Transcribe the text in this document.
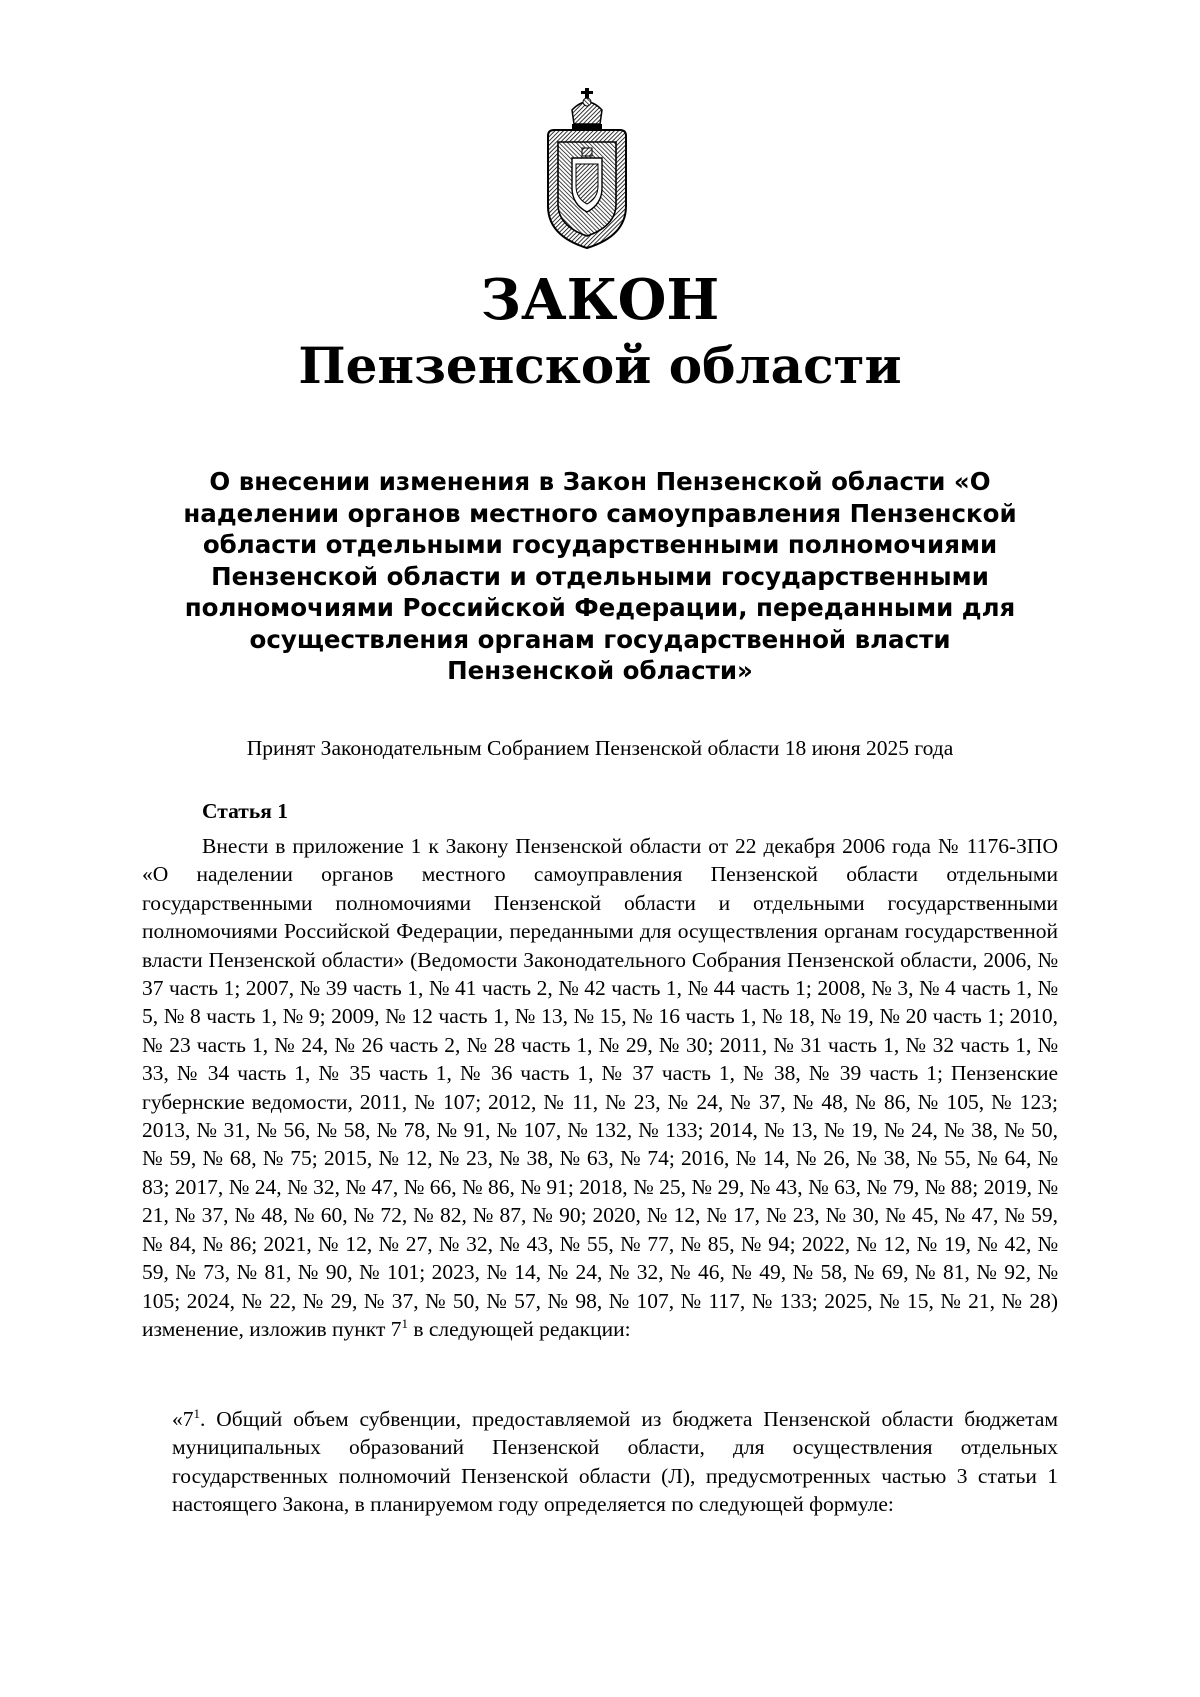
ЗАКОН
Пензенской области

О внесении изменения в Закон Пензенской области «О наделении органов местного самоуправления Пензенской области отдельными государственными полномочиями Пензенской области и отдельными государственными полномочиями Российской Федерации, переданными для осуществления органам государственной власти Пензенской области»

Принят Законодательным Собранием Пензенской области 18 июня 2025 года

Статья 1

Внести в приложение 1 к Закону Пензенской области от 22 декабря 2006 года № 1176-ЗПО «О наделении органов местного самоуправления Пензенской области отдельными государственными полномочиями Пензенской области и отдельными государственными полномочиями Российской Федерации, переданными для осуществления органам государственной власти Пензенской области» (Ведомости Законодательного Собрания Пензенской области, 2006, № 37 часть 1; 2007, № 39 часть 1, № 41 часть 2, № 42 часть 1, № 44 часть 1; 2008, № 3, № 4 часть 1, № 5, № 8 часть 1, № 9; 2009, № 12 часть 1, № 13, № 15, № 16 часть 1, № 18, № 19, № 20 часть 1; 2010, № 23 часть 1, № 24, № 26 часть 2, № 28 часть 1, № 29, № 30; 2011, № 31 часть 1, № 32 часть 1, № 33, № 34 часть 1, № 35 часть 1, № 36 часть 1, № 37 часть 1, № 38, № 39 часть 1; Пензенские губернские ведомости, 2011, № 107; 2012, № 11, № 23, № 24, № 37, № 48, № 86, № 105, № 123; 2013, № 31, № 56, № 58, № 78, № 91, № 107, № 132, № 133; 2014, № 13, № 19, № 24, № 38, № 50, № 59, № 68, № 75; 2015, № 12, № 23, № 38, № 63, № 74; 2016, № 14, № 26, № 38, № 55, № 64, № 83; 2017, № 24, № 32, № 47, № 66, № 86, № 91; 2018, № 25, № 29, № 43, № 63, № 79, № 88; 2019, № 21, № 37, № 48, № 60, № 72, № 82, № 87, № 90; 2020, № 12, № 17, № 23, № 30, № 45, № 47, № 59, № 84, № 86; 2021, № 12, № 27, № 32, № 43, № 55, № 77, № 85, № 94; 2022, № 12, № 19, № 42, № 59, № 73, № 81, № 90, № 101; 2023, № 14, № 24, № 32, № 46, № 49, № 58, № 69, № 81, № 92, № 105; 2024, № 22, № 29, № 37, № 50, № 57, № 98, № 107, № 117, № 133; 2025, № 15, № 21, № 28) изменение, изложив пункт $7^1$ в следующей редакции:

«$7^1$. Общий объем субвенции, предоставляемой из бюджета Пензенской области бюджетам муниципальных образований Пензенской области, для осуществления отдельных государственных полномочий Пензенской области (Л), предусмотренных частью 3 статьи 1 настоящего Закона, в планируемом году определяется по следующей формуле:
